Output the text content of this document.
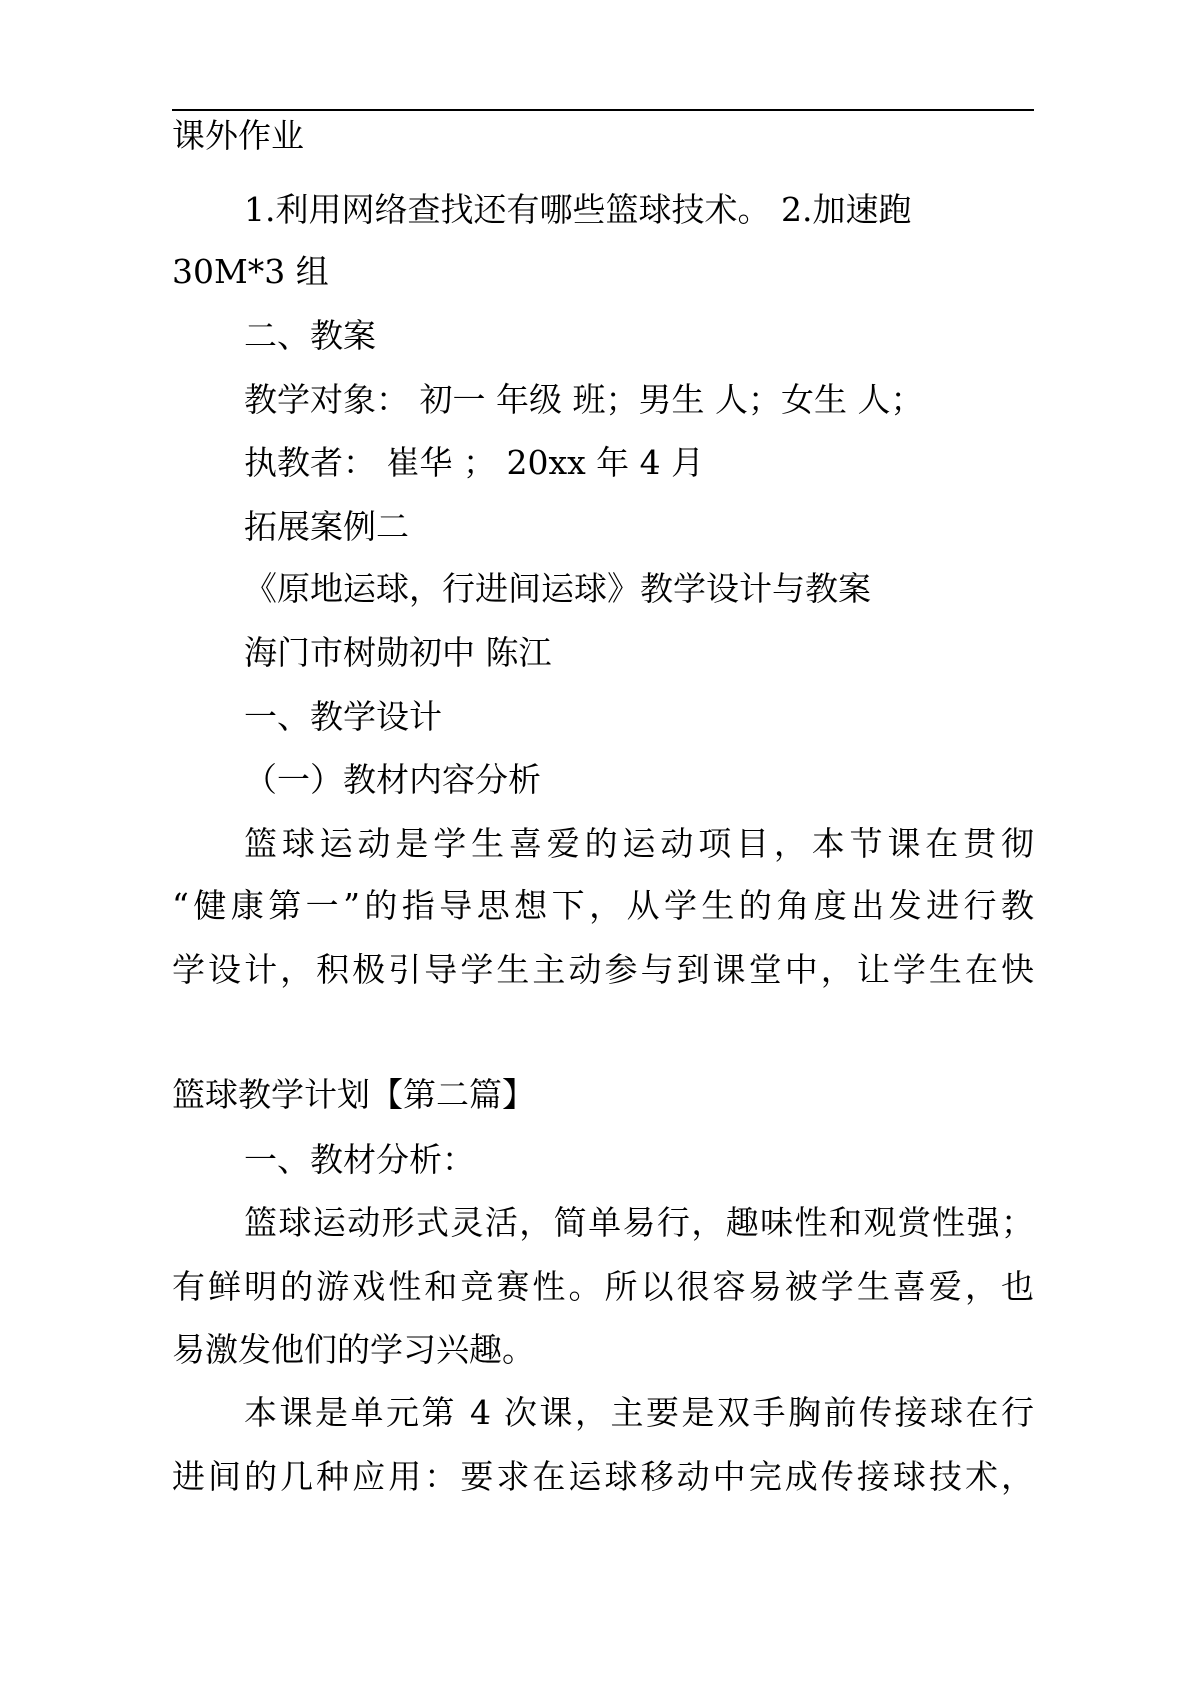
课外作业
1.利用网络查找还有哪些篮球技术。 2.加速跑
30M*3 组
二、教案
教学对象： 初一 年级 班；男生 人；女生 人；
执教者： 崔华 ； 20xx 年 4 月
拓展案例二
《原地运球，行进间运球》教学设计与教案
海门市树勋初中 陈江
一、教学设计
（一）教材内容分析
篮球运动是学生喜爱的运动项目，本节课在贯彻
“健康第一”的指导思想下，从学生的角度出发进行教
学设计，积极引导学生主动参与到课堂中，让学生在快
篮球教学计划【第二篇】
一、教材分析：
篮球运动形式灵活，简单易行，趣味性和观赏性强；
有鲜明的游戏性和竞赛性。所以很容易被学生喜爱，也
易激发他们的学习兴趣。
本课是单元第 4 次课，主要是双手胸前传接球在行
进间的几种应用：要求在运球移动中完成传接球技术，
